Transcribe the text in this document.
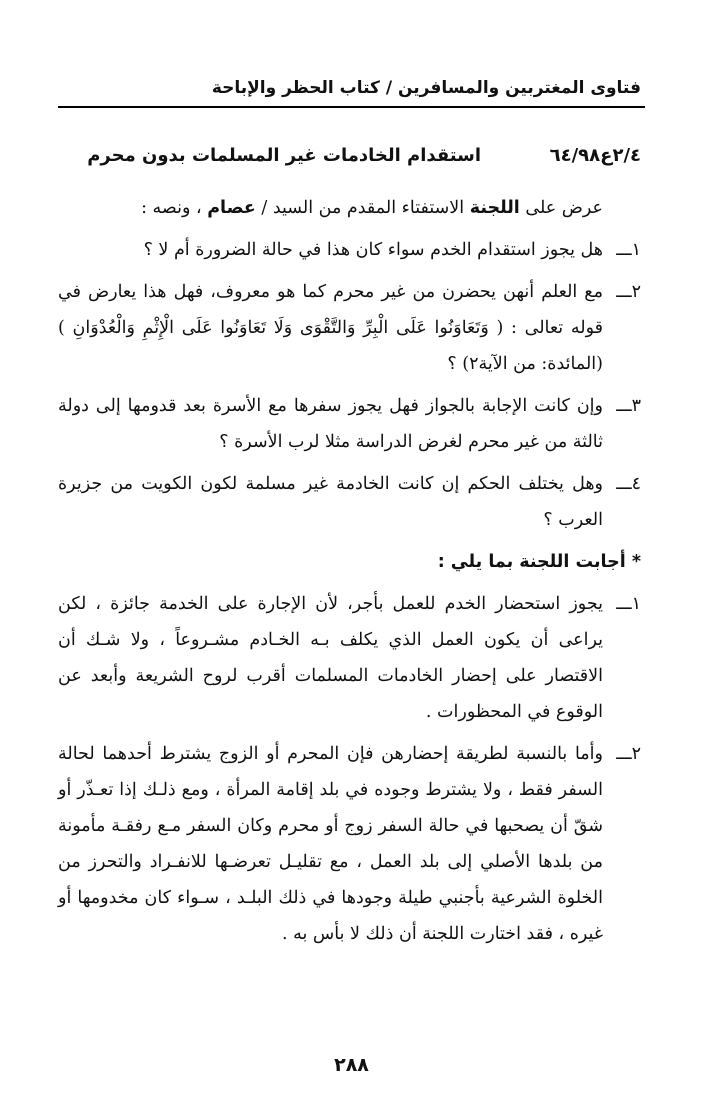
فتاوى المغتربين والمسافرين / كتاب الحظر والإباحة
٢/٤ع٦٤/٩٨
استقدام الخادمات غير المسلمات بدون محرم

عرض على اللجنة الاستفتاء المقدم من السيد / عصام ، ونصه :

١ـــ
هل يجوز استقدام الخدم سواء كان هذا في حالة الضرورة أم لا ؟
٢ـــ
مع العلم أنهن يحضرن من غير محرم كما هو معروف، فهل هذا يعارض في قوله تعالى : ( وَتَعَاوَنُوا عَلَى الْبِرِّ وَالتَّقْوَى وَلَا تَعَاوَنُوا عَلَى الْإِثْمِ وَالْعُدْوَانِ ) (المائدة: من الآية٢) ؟
٣ـــ
وإن كانت الإجابة بالجواز فهل يجوز سفرها مع الأسرة بعد قدومها إلى دولة ثالثة من غير محرم لغرض الدراسة مثلا لرب الأسرة ؟
٤ـــ
وهل يختلف الحكم إن كانت الخادمة غير مسلمة لكون الكويت من جزيرة العرب ؟

* أجابت اللجنة بما يلي :

١ـــ
يجوز استحضار الخدم للعمل بأجر، لأن الإجارة على الخدمة جائزة ، لكن يراعى أن يكون العمل الذي يكلف بـه الخـادم مشـروعاً ، ولا شـك أن الاقتصار على إحضار الخادمات المسلمات أقرب لروح الشريعة وأبعد عن الوقوع في المحظورات .
٢ـــ
وأما بالنسبة لطريقة إحضارهن فإن المحرم أو الزوج يشترط أحدهما لحالة السفر فقط ، ولا يشترط وجوده في بلد إقامة المرأة ، ومع ذلـك إذا تعـذّر أو شقّ أن يصحبها في حالة السفر زوج أو محرم وكان السفر مـع رفقـة مأمونة من بلدها الأصلي إلى بلد العمل ، مع تقليـل تعرضـها للانفـراد والتحرز من الخلوة الشرعية بأجنبي طيلة وجودها في ذلك البلـد ، سـواء كان مخدومها أو غيره ، فقد اختارت اللجنة أن ذلك لا بأس به .
٢٨٨
